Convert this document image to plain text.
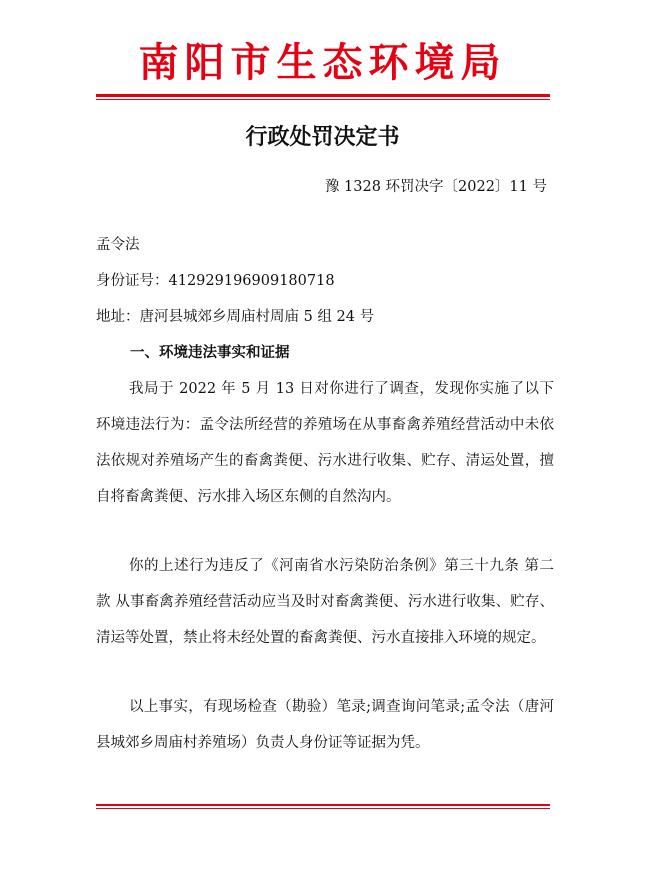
南阳市生态环境局
行政处罚决定书
豫 1328 环罚决字〔2022〕11 号
孟令法
身份证号：412929196909180718
地址：唐河县城郊乡周庙村周庙 5 组 24 号
一、环境违法事实和证据
我局于 2022 年 5 月 13 日对你进行了调查，发现你实施了以下环境违法行为：孟令法所经营的养殖场在从事畜禽养殖经营活动中未依法依规对养殖场产生的畜禽粪便、污水进行收集、贮存、清运处置，擅自将畜禽粪便、污水排入场区东侧的自然沟内。
你的上述行为违反了《河南省水污染防治条例》第三十九条 第二款 从事畜禽养殖经营活动应当及时对畜禽粪便、污水进行收集、贮存、清运等处置，禁止将未经处置的畜禽粪便、污水直接排入环境的规定。
以上事实，有现场检查（勘验）笔录;调查询问笔录;孟令法（唐河县城郊乡周庙村养殖场）负责人身份证等证据为凭。
